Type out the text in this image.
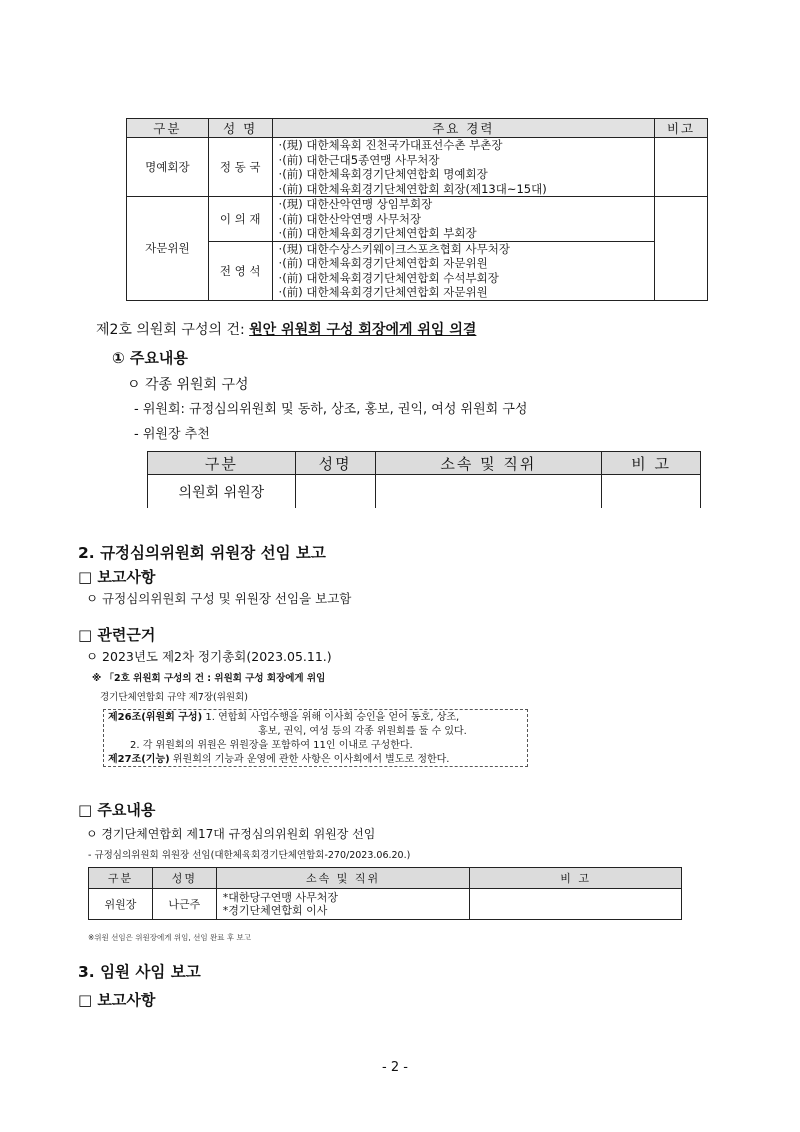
구분	성 명	주요 경력	비고
명예회장	정 동 국	·(現) 대한체육회 진천국가대표선수촌 부촌장
·(前) 대한근대5종연맹 사무처장
·(前) 대한체육회경기단체연합회 명예회장
·(前) 대한체육회경기단체연합회 회장(제13대~15대)	

자문위원	이 의 재	·(現) 대한산악연맹 상임부회장
·(前) 대한산악연맹 사무처장
·(前) 대한체육회경기단체연합회 부회장	

	전 영 석	·(現) 대한수상스키웨이크스포츠협회 사무처장
·(前) 대한체육회경기단체연합회 자문위원
·(前) 대한체육회경기단체연합회 수석부회장
·(前) 대한체육회경기단체연합회 자문위원	
제2호 의원회 구성의 건: 원안 위원회 구성 회장에게 위임 의결
① 주요내용
ㅇ 각종 위원회 구성
- 위원회: 규정심의위원회 및 동하, 상조, 홍보, 권익, 여성 위원회 구성
- 위원장 추천
구분	성명	소속 및 직위	비 고
의원회 위원장			
2. 규정심의위원회 위원장 선임 보고
□ 보고사항
ㅇ 규정심의위원회 구성 및 위원장 선임을 보고함
□ 관련근거
ㅇ 2023년도 제2차 정기총회(2023.05.11.)
※ 「2호 위원회 구성의 건 : 위원회 구성 회장에게 위임
경기단체연합회 규약 제7장(위원회)
제26조(위원회 구성) 1. 연합회 사업수행을 위해 이사회 승인을 얻어 동호, 상조,
홍보, 권익, 여성 등의 각종 위원회를 둘 수 있다.
2. 각 위원회의 위원은 위원장을 포함하여 11인 이내로 구성한다.
제27조(기능) 위원회의 기능과 운영에 관한 사항은 이사회에서 별도로 정한다.
□ 주요내용
ㅇ 경기단체연합회 제17대 규정심의위원회 위원장 선임
- 규정심의위원회 위원장 선임(대한체육회경기단체연합회-270/2023.06.20.)
구분	성명	소속 및 직위	비 고
위원장	나근주	*대한당구연맹 사무처장
*경기단체연합회 이사	

※위원 선임은 위원장에게 위임, 선임 완료 후 보고
3. 임원 사임 보고
□ 보고사항
- 2 -
